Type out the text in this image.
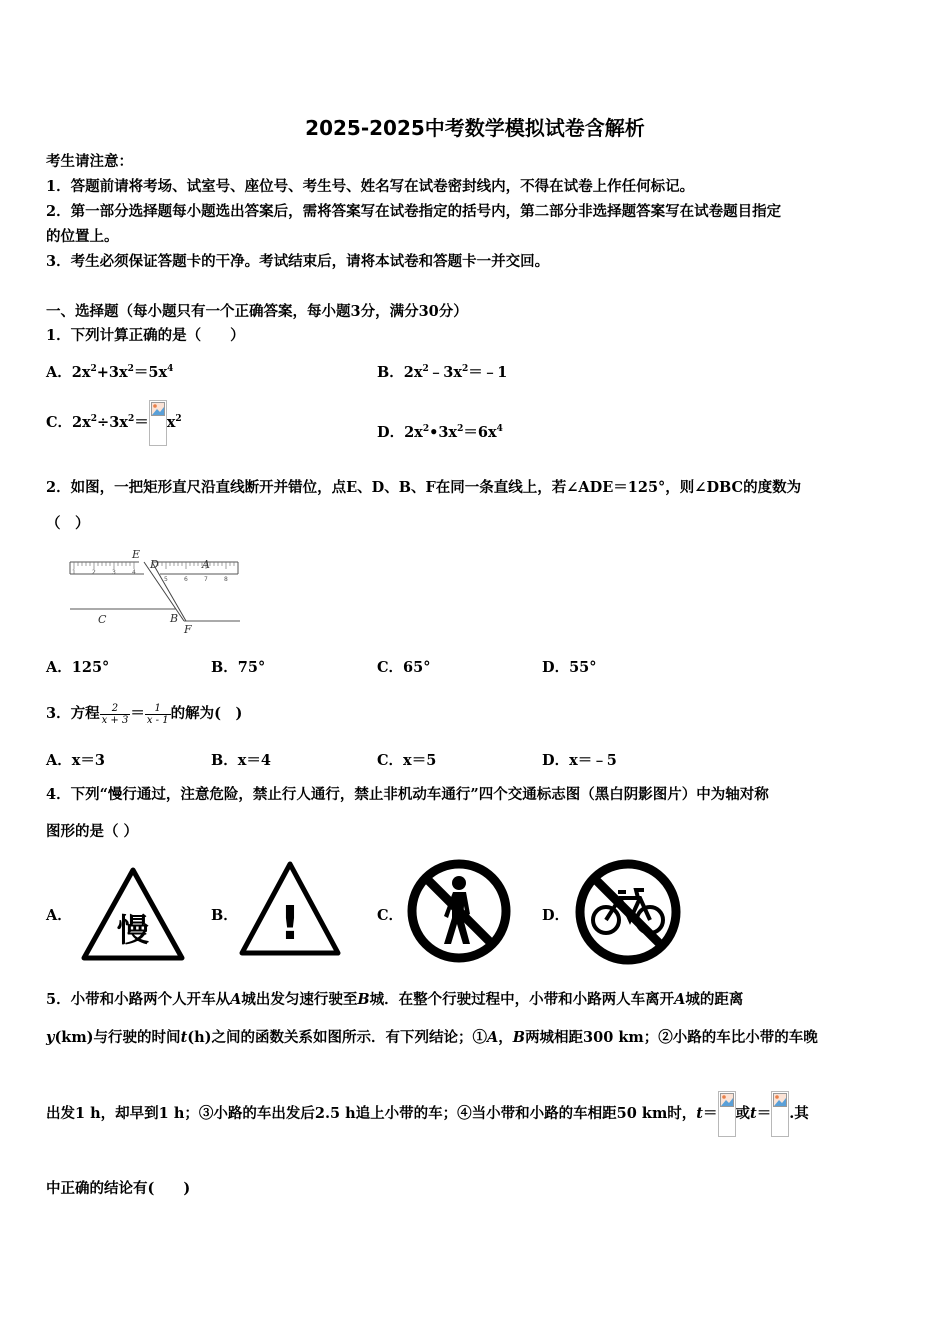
2025-2025中考数学模拟试卷含解析
考生请注意：
1．答题前请将考场、试室号、座位号、考生号、姓名写在试卷密封线内，不得在试卷上作任何标记。
2．第一部分选择题每小题选出答案后，需将答案写在试卷指定的括号内，第二部分非选择题答案写在试卷题目指定
的位置上。
3．考生必须保证答题卡的干净。考试结束后，请将本试卷和答题卡一并交回。
一、选择题（每小题只有一个正确答案，每小题3分，满分30分）
1．下列计算正确的是（　　）
A．$2x^2+3x^2=5x^4$	B．$2x^2﹣3x^2=﹣1$
C．$2x^2\div 3x^2= x^2$
D．$2x^2•3x^2=6x^4$
2．如图，一把矩形直尺沿直线断开并错位，点E、D、B、F在同一条直线上，若∠ADE＝125°，则∠DBC的度数为
（　）
1	2	3	4
5	6	7	8
E
D	A
C	B
F
A．125°	B．75°	C．65°	D．55°
3．方程 $\frac{2}{x + 3} = \frac{1}{x - 1}$ 的解为(　)
A．x＝3	B．x＝4	C．x＝5	D．x＝﹣5
4．下列“慢行通过，注意危险，禁止行人通行，禁止非机动车通行”四个交通标志图（黑白阴影图片）中为轴对称
图形的是（ ）
A． 慢	B． !	C．	D．
5．小带和小路两个人开车从A城出发匀速行驶至B城．在整个行驶过程中，小带和小路两人车离开A城的距离
y(km)与行驶的时间t(h)之间的函数关系如图所示．有下列结论；①A，B两城相距300 km；②小路的车比小带的车晚
出发1 h，却早到1 h；③小路的车出发后2.5 h追上小带的车；④当小带和小路的车相距50 km时，t＝ 或t＝ .其
中正确的结论有(　　)
